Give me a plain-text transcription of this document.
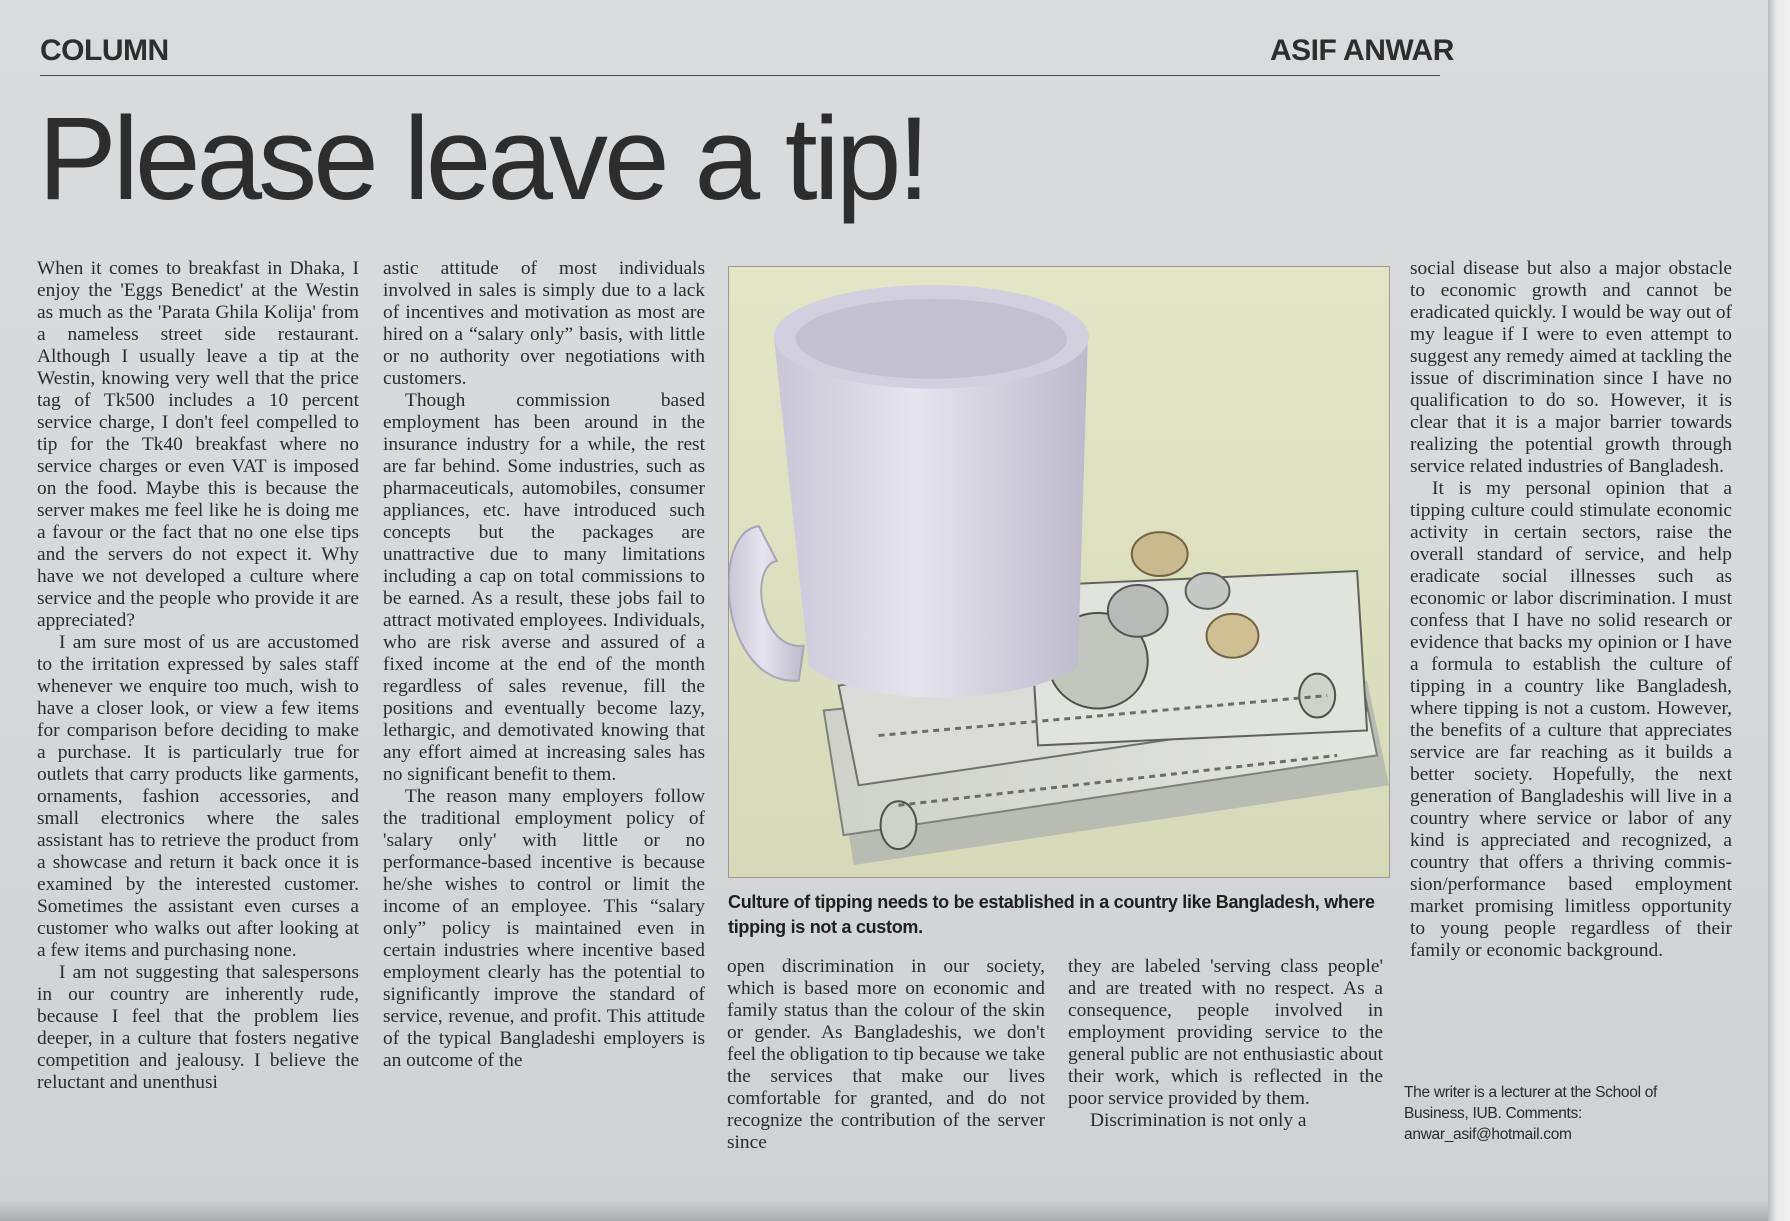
COLUMN	ASIF ANWAR
Please leave a tip!

When it comes to breakfast in Dhaka, I enjoy the 'Eggs Benedict' at the Westin as much as the 'Parata Ghila Kolija' from a nameless street side restaurant. Although I usually leave a tip at the Westin, knowing very well that the price tag of Tk500 includes a 10 percent service charge, I don't feel compelled to tip for the Tk40 breakfast where no service charges or even VAT is imposed on the food. Maybe this is because the server makes me feel like he is doing me a favour or the fact that no one else tips and the servers do not expect it. Why have we not developed a culture where service and the people who provide it are appreciated?

I am sure most of us are accustomed to the irritation expressed by sales staff whenever we enquire too much, wish to have a closer look, or view a few items for comparison before deciding to make a purchase. It is particularly true for outlets that carry products like garments, ornaments, fashion accessories, and small electronics where the sales assistant has to retrieve the product from a showcase and return it back once it is examined by the interested customer. Sometimes the assistant even curses a customer who walks out after looking at a few items and purchasing none.

I am not suggesting that salespersons in our country are inherently rude, because I feel that the problem lies deeper, in a culture that fosters negative competition and jealousy. I believe the reluctant and unenthusi

astic attitude of most individuals involved in sales is simply due to a lack of incentives and motivation as most are hired on a “salary only” basis, with little or no authority over negotiations with customers.

Though commission based employment has been around in the insurance industry for a while, the rest are far behind. Some industries, such as pharmaceuticals, automobiles, consumer appliances, etc. have introduced such concepts but the packages are unattractive due to many limitations including a cap on total commissions to be earned. As a result, these jobs fail to attract motivated employees. Individuals, who are risk averse and assured of a fixed income at the end of the month regardless of sales revenue, fill the positions and eventually become lazy, lethargic, and demotivated knowing that any effort aimed at increasing sales has no significant benefit to them.

The reason many employers follow the traditional employment policy of 'salary only' with little or no performance-based incentive is because he/she wishes to control or limit the income of an employee. This “salary only” policy is maintained even in certain industries where incentive based employment clearly has the potential to significantly improve the standard of service, revenue, and profit. This attitude of the typical Bangladeshi employers is an outcome of the

Culture of tipping needs to be established in a country like Bangladesh, where tipping is not a custom.

open discrimination in our society, which is based more on economic and family status than the colour of the skin or gender. As Bangladeshis, we don't feel the obligation to tip because we take the services that make our lives comfortable for granted, and do not recognize the contribution of the server since

they are labeled 'serving class people' and are treated with no respect. As a consequence, people involved in employment providing service to the general public are not enthusiastic about their work, which is reflected in the poor service provided by them.

Discrimination is not only a

social disease but also a major obstacle to economic growth and cannot be eradicated quickly. I would be way out of my league if I were to even attempt to suggest any remedy aimed at tackling the issue of discrimination since I have no qualification to do so. However, it is clear that it is a major barrier towards realizing the potential growth through service related industries of Bangladesh.

It is my personal opinion that a tipping culture could stimulate economic activity in certain sectors, raise the overall standard of service, and help eradicate social illnesses such as economic or labor discrimination. I must confess that I have no solid research or evidence that backs my opinion or I have a formula to establish the culture of tipping in a country like Bangladesh, where tipping is not a custom. However, the benefits of a culture that appreciates service are far reaching as it builds a better society. Hopefully, the next generation of Bangladeshis will live in a country where service or labor of any kind is appreciated and recognized, a country that offers a thriving commission/performance based employment market promising limitless opportunity to young people regardless of their family or economic background.

The writer is a lecturer at the School of Business, IUB. Comments: anwar_asif@hotmail.com
